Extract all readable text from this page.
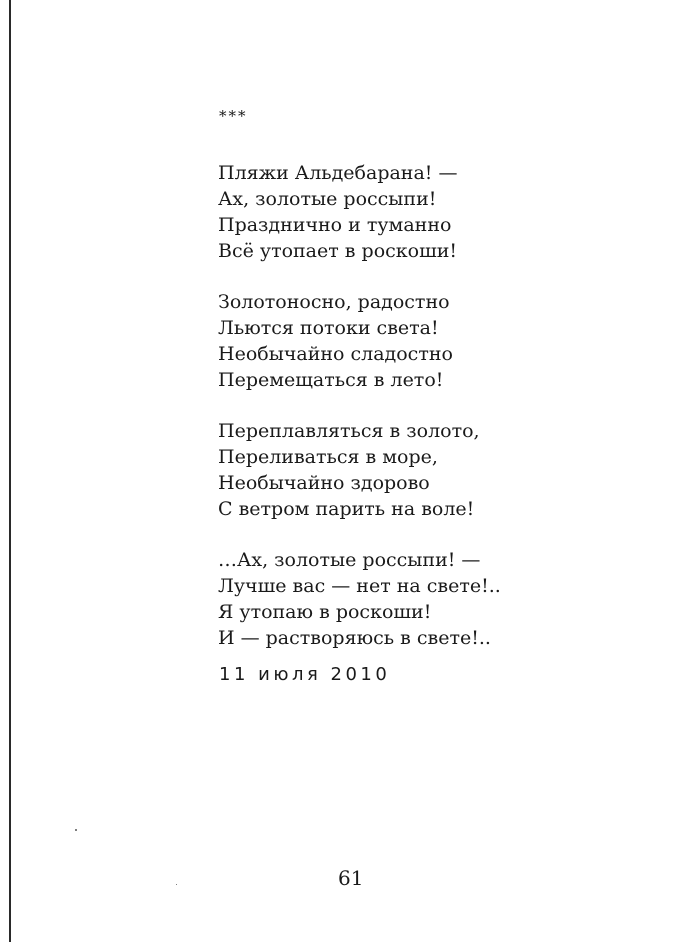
***
Пляжи Альдебарана! —
Ах, золотые россыпи!
Празднично и туманно
Всё утопает в роскоши!
Золотоносно, радостно
Льются потоки света!
Необычайно сладостно
Перемещаться в лето!
Переплавляться в золото,
Переливаться в море,
Необычайно здорово
С ветром парить на воле!
…Ах, золотые россыпи! —
Лучше вас — нет на свете!..
Я утопаю в роскоши!
И — растворяюсь в свете!..
11 июля 2010
61
